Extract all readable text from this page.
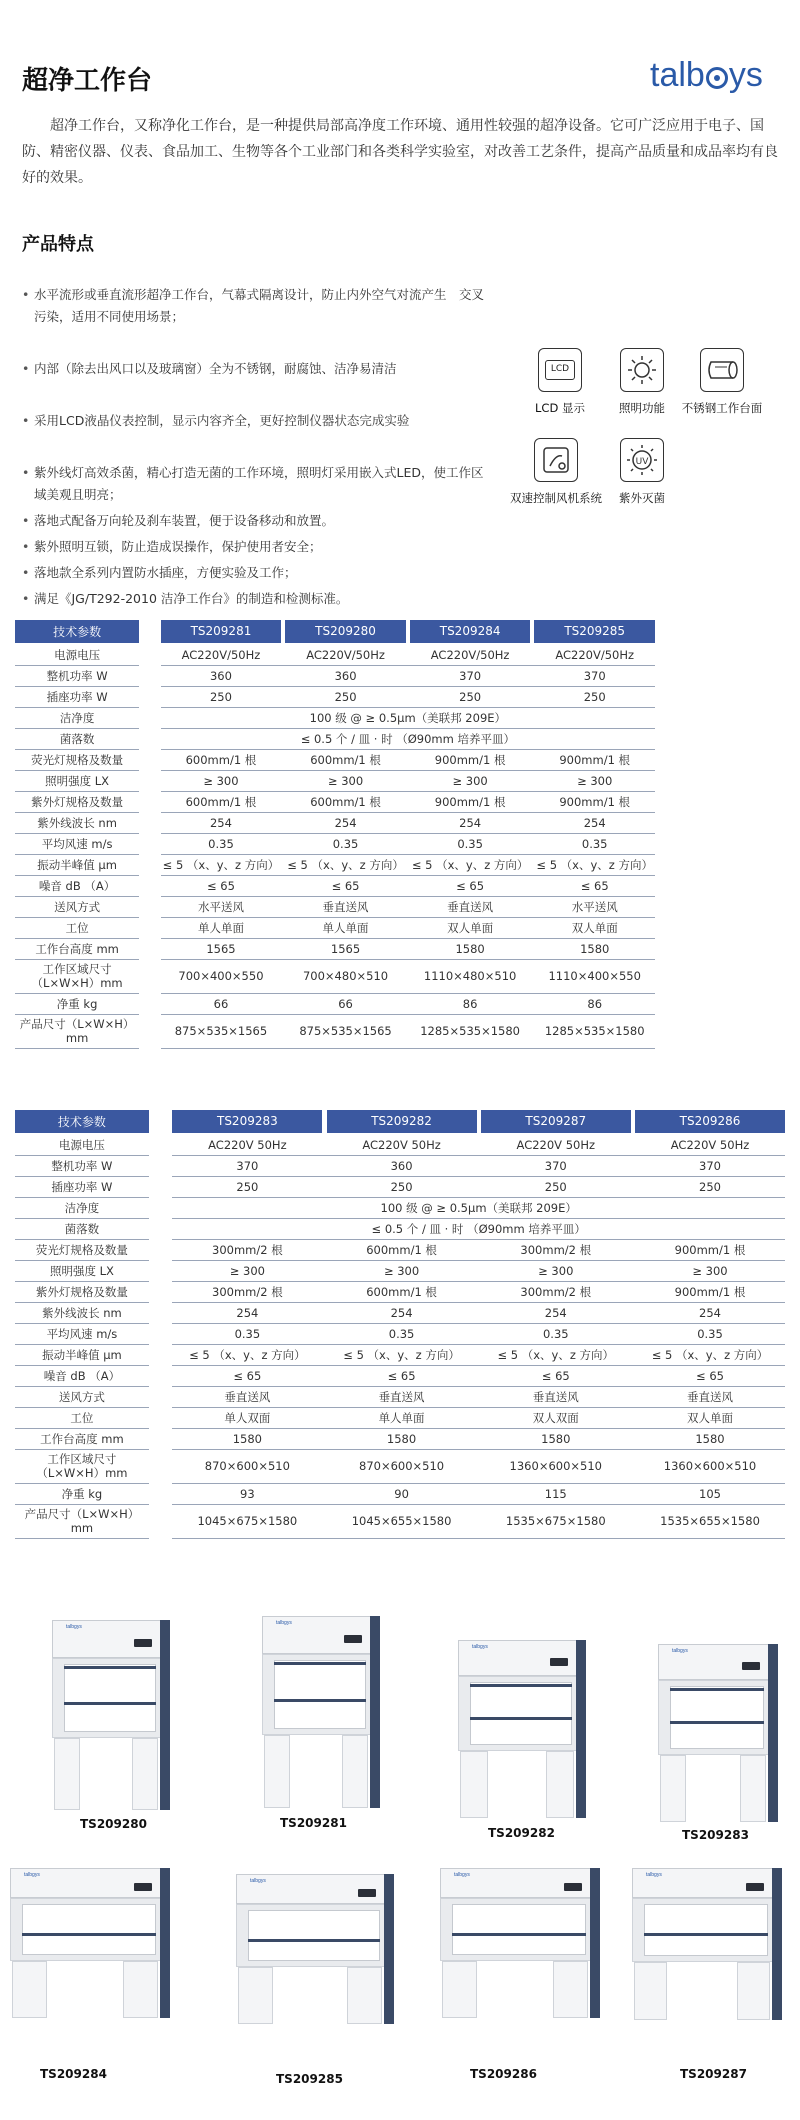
超净工作台	talb ys

超净工作台，又称净化工作台，是一种提供局部高净度工作环境、通用性较强的超净设备。它可广泛应用于电子、国防、精密仪器、仪表、食品加工、生物等各个工业部门和各类科学实验室，对改善工艺条件，提高产品质量和成品率均有良好的效果。

产品特点
• 水平流形或垂直流形超净工作台，气幕式隔离设计，防止内外空气对流产生　交叉污染，适用不同使用场景；
• 内部（除去出风口以及玻璃窗）全为不锈钢，耐腐蚀、洁净易清洁
• 采用LCD液晶仪表控制，显示内容齐全，更好控制仪器状态完成实验
• 紫外线灯高效杀菌，精心打造无菌的工作环境，照明灯采用嵌入式LED，使工作区域美观且明亮；
• 落地式配备万向轮及刹车装置，便于设备移动和放置。
• 紫外照明互锁，防止造成误操作，保护使用者安全；
• 落地款全系列内置防水插座，方便实验及工作；
• 满足《JG/T292-2010 洁净工作台》的制造和检测标准。
LCD
LCD 显示	照明功能	不锈钢工作台面
双速控制风机系统
UV
紫外灭菌
技术参数		TS209281		TS209280		TS209284		TS209285
电源电压		AC220V/50Hz		AC220V/50Hz		AC220V/50Hz		AC220V/50Hz
整机功率 W		360		360		370		370
插座功率 W		250		250		250		250
洁净度		100 级 @ ≥ 0.5μm（美联邦 209E）						
菌落数		≤ 0.5 个 / 皿 · 时 （Ø90mm 培养平皿）						
荧光灯规格及数量		600mm/1 根		600mm/1 根		900mm/1 根		900mm/1 根
照明强度 LX		≥ 300		≥ 300		≥ 300		≥ 300
紫外灯规格及数量		600mm/1 根		600mm/1 根		900mm/1 根		900mm/1 根
紫外线波长 nm		254		254		254		254
平均风速 m/s		0.35		0.35		0.35		0.35
振动半峰值 μm		≤ 5 （x、y、z 方向）		≤ 5 （x、y、z 方向）		≤ 5 （x、y、z 方向）		≤ 5 （x、y、z 方向）
噪音 dB （A）		≤ 65		≤ 65		≤ 65		≤ 65
送风方式		水平送风		垂直送风		垂直送风		水平送风
工位		单人单面		单人单面		双人单面		双人单面
工作台高度 mm		1565		1565		1580		1580
工作区域尺寸（L×W×H）mm		700×400×550		700×480×510		1110×480×510		1110×400×550
净重 kg		66		66		86		86
产品尺寸（L×W×H）mm		875×535×1565		875×535×1565		1285×535×1580		1285×535×1580
技术参数		TS209283		TS209282		TS209287		TS209286
电源电压		AC220V 50Hz		AC220V 50Hz		AC220V 50Hz		AC220V 50Hz
整机功率 W		370		360		370		370
插座功率 W		250		250		250		250
洁净度		100 级 @ ≥ 0.5μm（美联邦 209E）						
菌落数		≤ 0.5 个 / 皿 · 时 （Ø90mm 培养平皿）						
荧光灯规格及数量		300mm/2 根		600mm/1 根		300mm/2 根		900mm/1 根
照明强度 LX		≥ 300		≥ 300		≥ 300		≥ 300
紫外灯规格及数量		300mm/2 根		600mm/1 根		300mm/2 根		900mm/1 根
紫外线波长 nm		254		254		254		254
平均风速 m/s		0.35		0.35		0.35		0.35
振动半峰值 μm		≤ 5 （x、y、z 方向）		≤ 5 （x、y、z 方向）		≤ 5 （x、y、z 方向）		≤ 5 （x、y、z 方向）
噪音 dB （A）		≤ 65		≤ 65		≤ 65		≤ 65
送风方式		垂直送风		垂直送风		垂直送风		垂直送风
工位		单人双面		单人单面		双人双面		双人单面
工作台高度 mm		1580		1580		1580		1580
工作区域尺寸（L×W×H）mm		870×600×510		870×600×510		1360×600×510		1360×600×510
净重 kg		93		90		115		105
产品尺寸（L×W×H）mm		1045×675×1580		1045×655×1580		1535×675×1580		1535×655×1580
talbgys
TS209280
talbgys
TS209281
talbgys
TS209282
talbgys
TS209283
talbgys
TS209284
talbgys
TS209285
talbgys
TS209286
talbgys
TS209287
